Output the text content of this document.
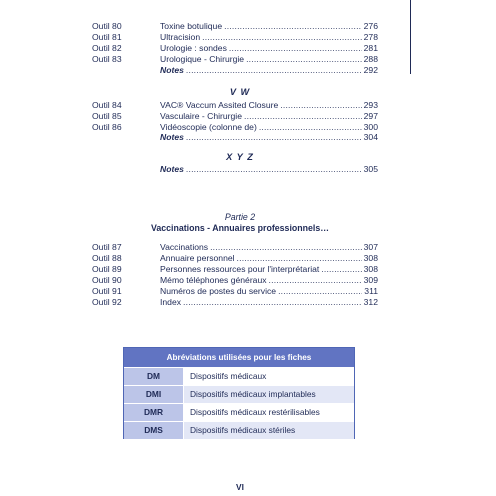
Outil 80	Toxine botulique .....	276
Outil 81	Ultracision .....	278
Outil 82	Urologie : sondes .....	281
Outil 83	Urologique - Chirurgie .....	288
Notes .....	292
V W
Outil 84	VAC® Vaccum Assited Closure .....	293
Outil 85	Vasculaire - Chirurgie .....	297
Outil 86	Vidéoscopie (colonne de) .....	300
Notes .....	304
X Y Z
Notes .....	305
Partie 2
Vaccinations - Annuaires professionnels…
Outil 87	Vaccinations .....	307
Outil 88	Annuaire personnel .....	308
Outil 89	Personnes ressources pour l'interprétariat .....	308
Outil 90	Mémo téléphones généraux .....	309
Outil 91	Numéros de postes du service .....	311
Outil 92	Index .....	312
Abréviations utilisées pour les fiches
DM	Dispositifs médicaux
DMI	Dispositifs médicaux implantables
DMR	Dispositifs médicaux restérilisables
DMS	Dispositifs médicaux stériles
VI
